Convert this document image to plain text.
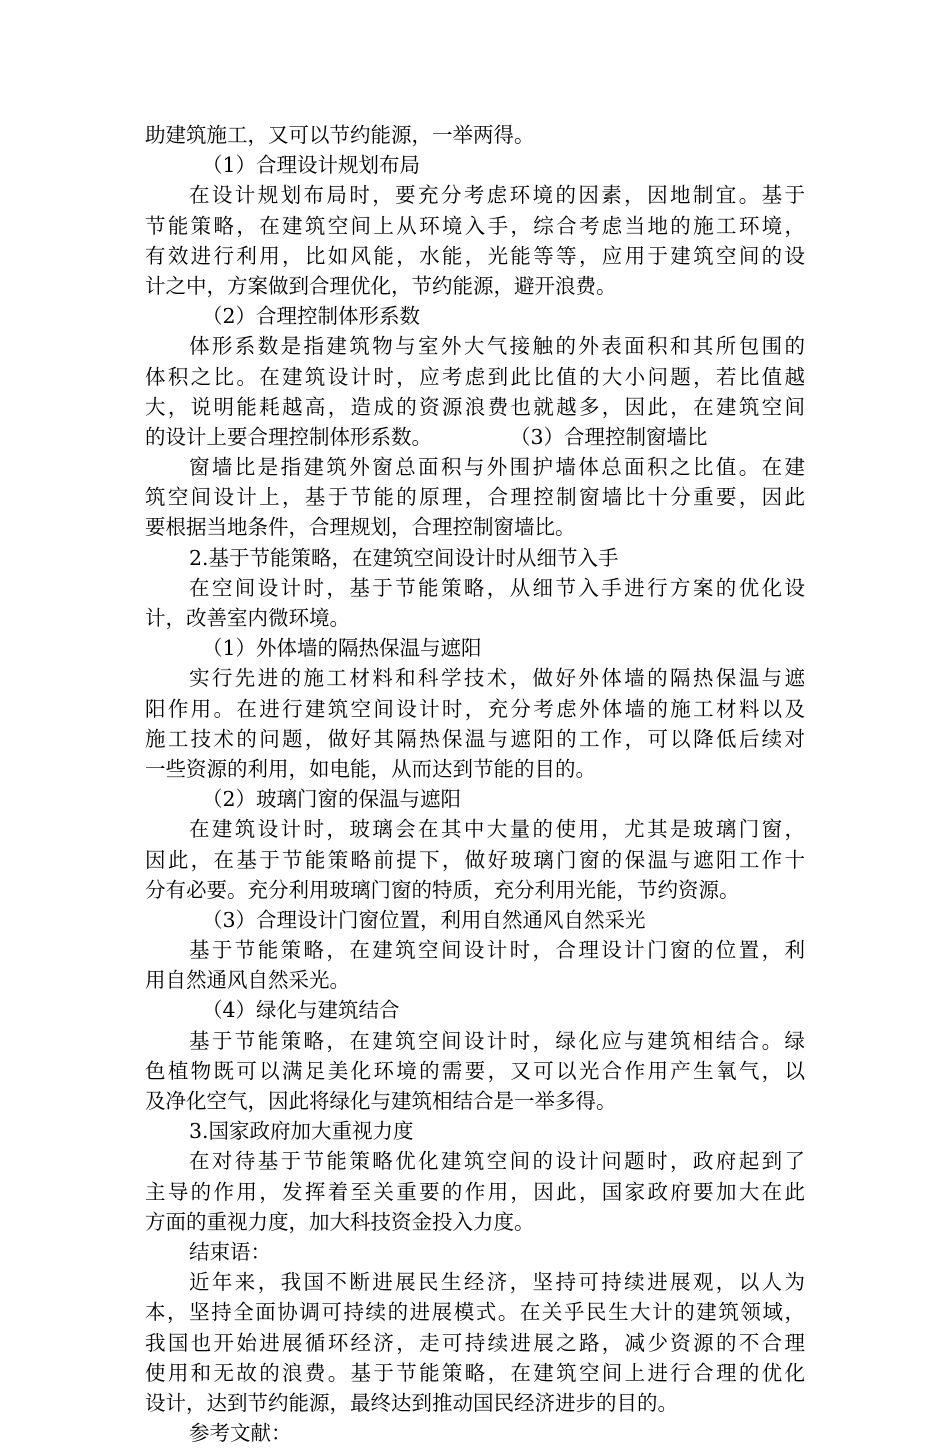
助建筑施工，又可以节约能源，一举两得。
（1）合理设计规划布局
在设计规划布局时，要充分考虑环境的因素，因地制宜。基于
节能策略，在建筑空间上从环境入手，综合考虑当地的施工环境，
有效进行利用，比如风能，水能，光能等等，应用于建筑空间的设
计之中，方案做到合理优化，节约能源，避开浪费。
（2）合理控制体形系数
体形系数是指建筑物与室外大气接触的外表面积和其所包围的
体积之比。在建筑设计时，应考虑到此比值的大小问题，若比值越
大，说明能耗越高，造成的资源浪费也就越多，因此，在建筑空间
的设计上要合理控制体形系数。	（3）合理控制窗墙比
窗墙比是指建筑外窗总面积与外围护墙体总面积之比值。在建
筑空间设计上，基于节能的原理，合理控制窗墙比十分重要，因此
要根据当地条件，合理规划，合理控制窗墙比。
2.基于节能策略，在建筑空间设计时从细节入手
在空间设计时，基于节能策略，从细节入手进行方案的优化设
计，改善室内微环境。
（1）外体墙的隔热保温与遮阳
实行先进的施工材料和科学技术，做好外体墙的隔热保温与遮
阳作用。在进行建筑空间设计时，充分考虑外体墙的施工材料以及
施工技术的问题，做好其隔热保温与遮阳的工作，可以降低后续对
一些资源的利用，如电能，从而达到节能的目的。
（2）玻璃门窗的保温与遮阳
在建筑设计时，玻璃会在其中大量的使用，尤其是玻璃门窗，
因此，在基于节能策略前提下，做好玻璃门窗的保温与遮阳工作十
分有必要。充分利用玻璃门窗的特质，充分利用光能，节约资源。
（3）合理设计门窗位置，利用自然通风自然采光
基于节能策略，在建筑空间设计时，合理设计门窗的位置，利
用自然通风自然采光。
（4）绿化与建筑结合
基于节能策略，在建筑空间设计时，绿化应与建筑相结合。绿
色植物既可以满足美化环境的需要，又可以光合作用产生氧气，以
及净化空气，因此将绿化与建筑相结合是一举多得。
3.国家政府加大重视力度
在对待基于节能策略优化建筑空间的设计问题时，政府起到了
主导的作用，发挥着至关重要的作用，因此，国家政府要加大在此
方面的重视力度，加大科技资金投入力度。
结束语：
近年来，我国不断进展民生经济，坚持可持续进展观，以人为
本，坚持全面协调可持续的进展模式。在关乎民生大计的建筑领域，
我国也开始进展循环经济，走可持续进展之路，减少资源的不合理
使用和无故的浪费。基于节能策略，在建筑空间上进行合理的优化
设计，达到节约能源，最终达到推动国民经济进步的目的。
参考文献：
